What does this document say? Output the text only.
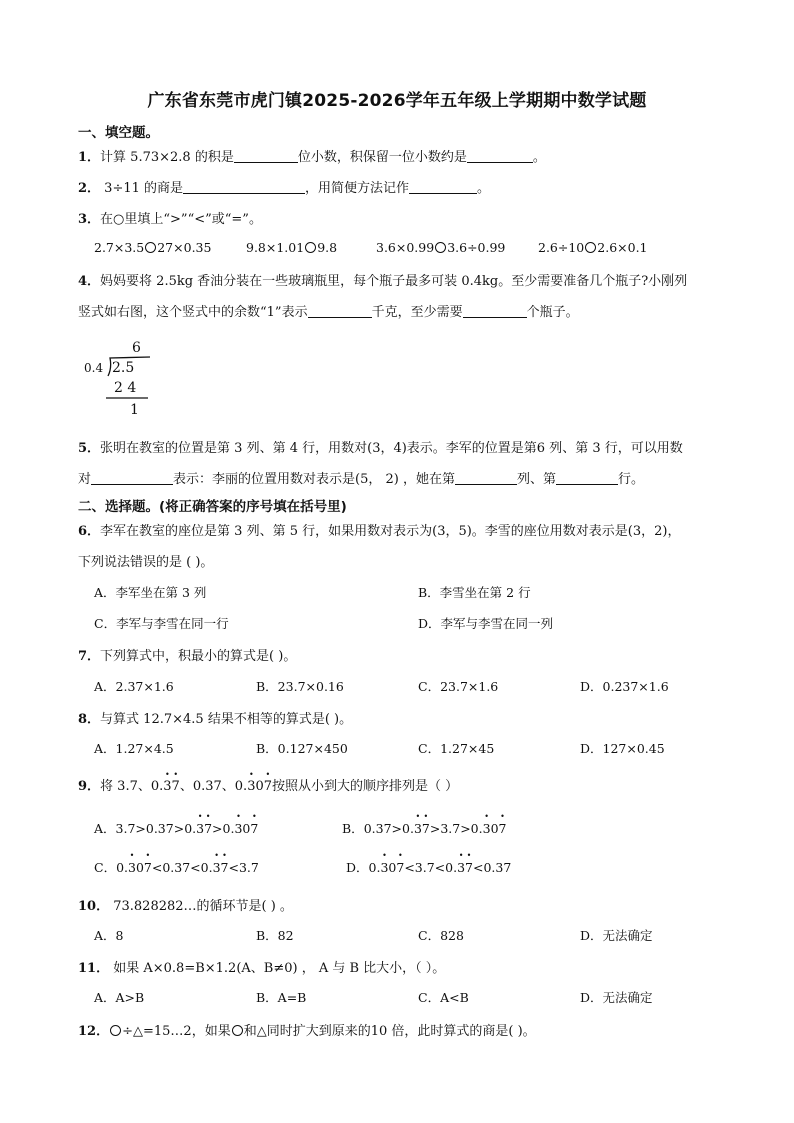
广东省东莞市虎门镇2025-2026学年五年级上学期期中数学试题
一、填空题。
1．计算 5.73×2.8 的积是	位小数，积保留一位小数约是	。
2． 3÷11 的商是	，用简便方法记作	。
3．在○里填上“>”“<”或“=”。
2.7×3.5 27×0.35	9.8×1.01 9.8	3.6×0.99 3.6÷0.99	2.6÷10 2.6×0.1
4．妈妈要将 2.5kg 香油分装在一些玻璃瓶里，每个瓶子最多可装 0.4kg。至少需要准备几个瓶子?小刚列
竖式如右图，这个竖式中的余数“1”表示	千克，至少需要	个瓶子。
6
0.4 2.5
2 4
1
5．张明在教室的位置是第 3 列、第 4 行，用数对(3，4)表示。李军的位置是第6 列、第 3 行，可以用数
对	表示：李丽的位置用数对表示是(5， 2) ，她在第	列、第	行。
二、选择题。(将正确答案的序号填在括号里)
6．李军在教室的座位是第 3 列、第 5 行，如果用数对表示为(3，5)。李雪的座位用数对表示是(3，2)，
下列说法错误的是 ( )。
A．李军坐在第 3 列	B．李雪坐在第 2 行
C．李军与李雪在同一行	D．李军与李雪在同一列
7．下列算式中，积最小的算式是( )。
A．2.37×1.6	B．23.7×0.16	C．23.7×1.6	D．0.237×1.6
8．与算式 12.7×4.5 结果不相等的算式是( )。
A．1.27×4.5	B．0.127×450	C．1.27×45	D．127×0.45
9．将 3.7、0.• 3• 7、0.37、0.• 30• 7按照从小到大的顺序排列是（ ）
A．3.7>0.37>0.• 3• 7>0.• 30• 7	B．0.37>0.• 3• 7>3.7>0.• 30• 7
C．0.• 30• 7<0.37<0.• 3• 7<3.7	D．0.• 30• 7<3.7<0.• 3• 7<0.37
10． 73.828282…的循环节是( ) 。
A．8	B．82	C．828	D．无法确定
11． 如果 A×0.8=B×1.2(A、B≠0) ， A 与 B 比大小，（ ）。
A．A>B	B．A=B	C．A<B	D．无法确定
12． ÷△=15…2，如果 和△同时扩大到原来的10 倍，此时算式的商是( )。
